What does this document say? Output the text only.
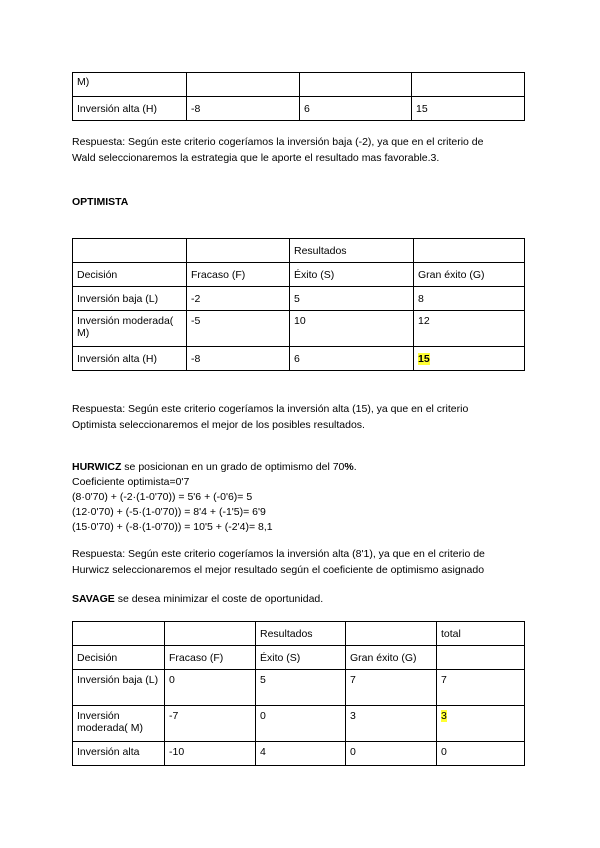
M)			
Inversión alta (H)	-8	6	15

Respuesta: Según este criterio cogeríamos la inversión baja (-2), ya que en el criterio de

Wald seleccionaremos la estrategia que le aporte el resultado mas favorable.3.

OPTIMISTA
		Resultados	
Decisión	Fracaso (F)	Éxito (S)	Gran éxito (G)
Inversión baja (L)	-2	5	8
Inversión moderada( M)	-5	10	12
Inversión alta (H)	-8	6	15

Respuesta: Según este criterio cogeríamos la inversión alta (15), ya que en el criterio

Optimista seleccionaremos el mejor de los posibles resultados.

HURWICZ se posicionan en un grado de optimismo del 70%.

Coeficiente optimista=0'7

(8·0'70) + (-2·(1-0'70)) = 5'6 + (-0'6)= 5

(12·0'70) + (-5·(1-0'70)) = 8'4 + (-1'5)= 6'9

(15·0'70) + (-8·(1-0'70)) = 10'5 + (-2'4)= 8,1

Respuesta: Según este criterio cogeríamos la inversión alta (8'1), ya que en el criterio de

Hurwicz seleccionaremos el mejor resultado según el coeficiente de optimismo asignado

SAVAGE se desea minimizar el coste de oportunidad.

		Resultados		total
Decisión	Fracaso (F)	Éxito (S)	Gran éxito (G)	
Inversión baja (L)	0	5	7	7
Inversión moderada( M)	-7	0	3	3
Inversión alta	-10	4	0	0
